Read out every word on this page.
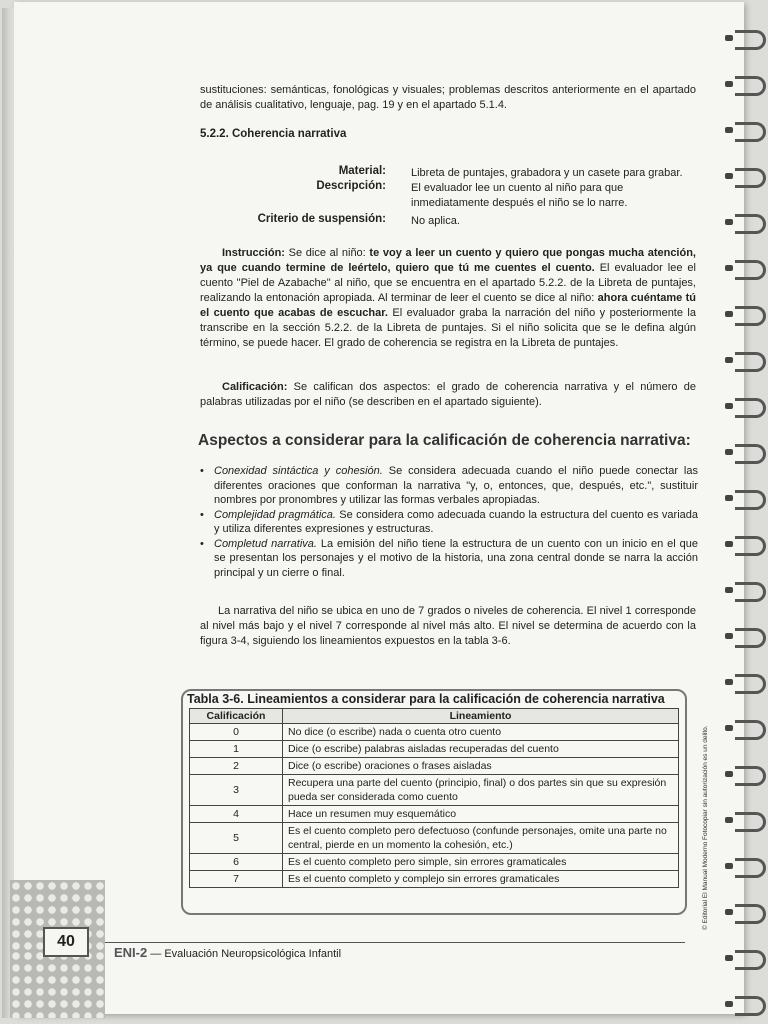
sustituciones: semánticas, fonológicas y visuales; problemas descritos anteriormente en el apartado de análisis cualitativo, lenguaje, pag. 19 y en el apartado 5.1.4.
5.2.2. Coherencia narrativa
Material: Libreta de puntajes, grabadora y un casete para grabar.
Descripción: El evaluador lee un cuento al niño para que inmediatamente después el niño se lo narre.
Criterio de suspensión: No aplica.
Instrucción: Se dice al niño: te voy a leer un cuento y quiero que pongas mucha atención, ya que cuando termine de leértelo, quiero que tú me cuentes el cuento. El evaluador lee el cuento "Piel de Azabache" al niño, que se encuentra en el apartado 5.2.2. de la Libreta de puntajes, realizando la entonación apropiada. Al terminar de leer el cuento se dice al niño: ahora cuéntame tú el cuento que acabas de escuchar. El evaluador graba la narración del niño y posteriormente la transcribe en la sección 5.2.2. de la Libreta de puntajes. Si el niño solicita que se le defina algún término, se puede hacer. El grado de coherencia se registra en la Libreta de puntajes.
Calificación: Se califican dos aspectos: el grado de coherencia narrativa y el número de palabras utilizadas por el niño (se describen en el apartado siguiente).
Aspectos a considerar para la calificación de coherencia narrativa:
• Conexidad sintáctica y cohesión. Se considera adecuada cuando el niño puede conectar las diferentes oraciones que conforman la narrativa "y, o, entonces, que, después, etc.", sustituir nombres por pronombres y utilizar las formas verbales apropiadas.
• Complejidad pragmática. Se considera como adecuada cuando la estructura del cuento es variada y utiliza diferentes expresiones y estructuras.
• Completud narrativa. La emisión del niño tiene la estructura de un cuento con un inicio en el que se presentan los personajes y el motivo de la historia, una zona central donde se narra la acción principal y un cierre o final.
La narrativa del niño se ubica en uno de 7 grados o niveles de coherencia. El nivel 1 corresponde al nivel más bajo y el nivel 7 corresponde al nivel más alto. El nivel se determina de acuerdo con la figura 3-4, siguiendo los lineamientos expuestos en la tabla 3-6.
Tabla 3-6. Lineamientos a considerar para la calificación de coherencia narrativa
Calificación	Lineamiento
0	No dice (o escribe) nada o cuenta otro cuento
1	Dice (o escribe) palabras aisladas recuperadas del cuento
2	Dice (o escribe) oraciones o frases aisladas
3	Recupera una parte del cuento (principio, final) o dos partes sin que su expresión pueda ser considerada como cuento
4	Hace un resumen muy esquemático
5	Es el cuento completo pero defectuoso (confunde personajes, omite una parte no central, pierde en un momento la cohesión, etc.)
6	Es el cuento completo pero simple, sin errores gramaticales
7	Es el cuento completo y complejo sin errores gramaticales
40
ENI-2 — Evaluación Neuropsicológica Infantil
© Editorial El Manual Moderno Fotocopiar sin autorización es un delito.
